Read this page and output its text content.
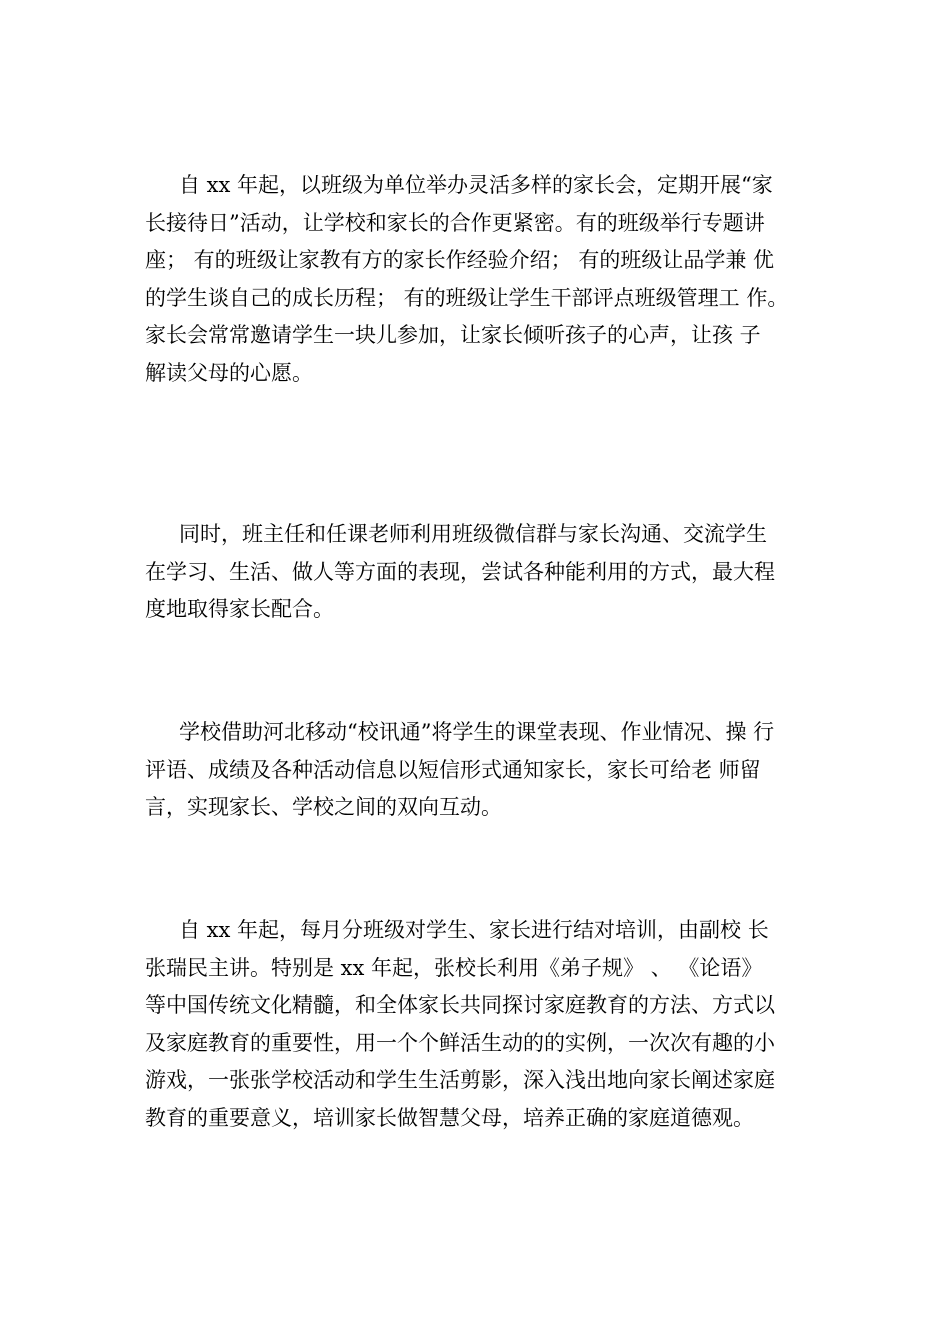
自 xx 年起，以班级为单位举办灵活多样的家长会，定期开展“家
长接待日”活动，让学校和家长的合作更紧密。有的班级举行专题讲
座； 有的班级让家教有方的家长作经验介绍； 有的班级让品学兼 优
的学生谈自己的成长历程； 有的班级让学生干部评点班级管理工 作。
家长会常常邀请学生一块儿参加，让家长倾听孩子的心声，让孩 子
解读父母的心愿。
同时，班主任和任课老师利用班级微信群与家长沟通、交流学生
在学习、生活、做人等方面的表现，尝试各种能利用的方式，最大程
度地取得家长配合。
学校借助河北移动“校讯通”将学生的课堂表现、作业情况、操 行
评语、成绩及各种活动信息以短信形式通知家长，家长可给老 师留
言，实现家长、学校之间的双向互动。
自 xx 年起，每月分班级对学生、家长进行结对培训，由副校 长
张瑞民主讲。特别是 xx 年起，张校长利用《弟子规》 、 《论语》
等中国传统文化精髓，和全体家长共同探讨家庭教育的方法、方式以
及家庭教育的重要性，用一个个鲜活生动的的实例，一次次有趣的小
游戏，一张张学校活动和学生生活剪影，深入浅出地向家长阐述家庭
教育的重要意义，培训家长做智慧父母，培养正确的家庭道德观。
